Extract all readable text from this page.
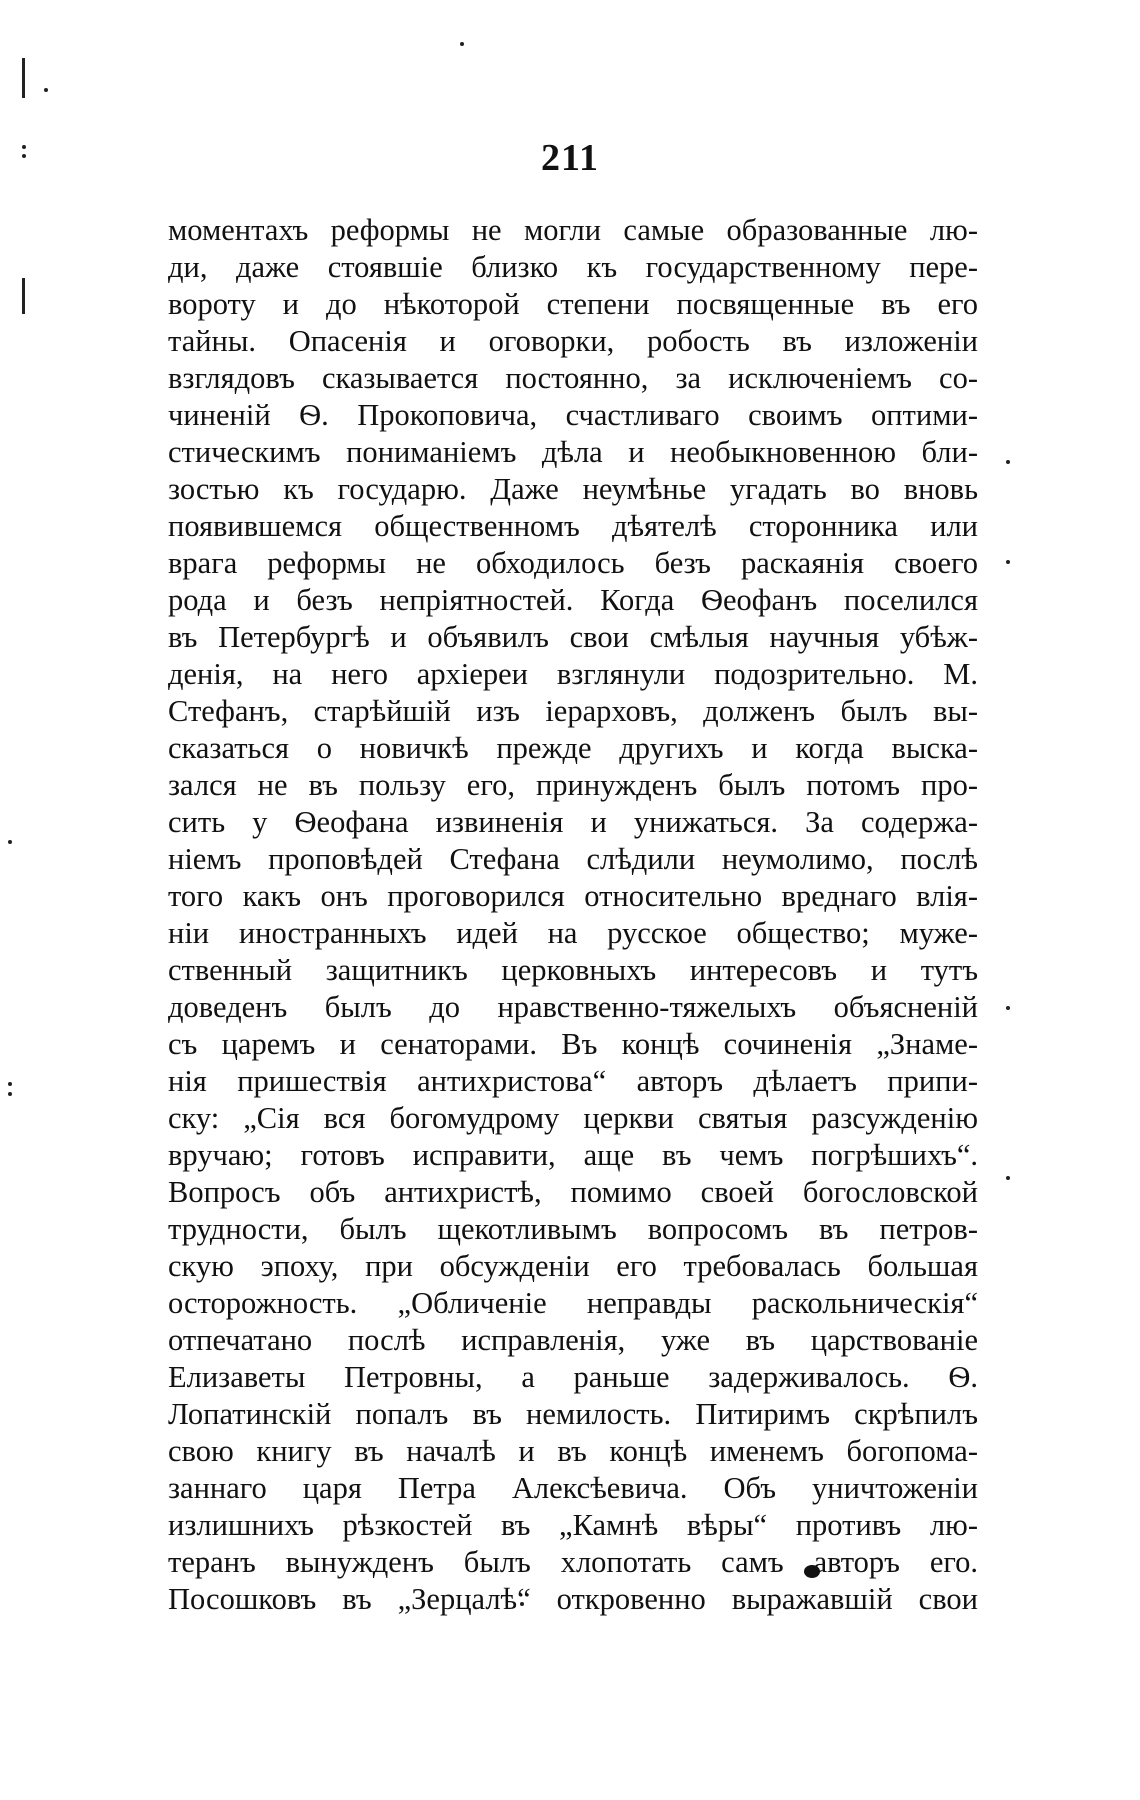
211
моментахъ реформы не могли самые образованные лю-
ди, даже стоявшіе близко къ государственному пере-
вороту и до нѣкоторой степени посвященные въ его
тайны. Опасенія и оговорки, робость въ изложеніи
взглядовъ сказывается постоянно, за исключеніемъ со-
чиненій Ѳ. Прокоповича, счастливаго своимъ оптими-
стическимъ пониманіемъ дѣла и необыкновенною бли-
зостью къ государю. Даже неумѣнье угадать во вновь
появившемся общественномъ дѣятелѣ сторонника или
врага реформы не обходилось безъ раскаянія своего
рода и безъ непріятностей. Когда Ѳеофанъ поселился
въ Петербургѣ и объявилъ свои смѣлыя научныя убѣж-
денія, на него архіереи взглянули подозрительно. М.
Стефанъ, старѣйшій изъ іерарховъ, долженъ былъ вы-
сказаться о новичкѣ прежде другихъ и когда выска-
зался не въ пользу его, принужденъ былъ потомъ про-
сить у Ѳеофана извиненія и унижаться. За содержа-
ніемъ проповѣдей Стефана слѣдили неумолимо, послѣ
того какъ онъ проговорился относительно вреднаго влія-
ніи иностранныхъ идей на русское общество; муже-
ственный защитникъ церковныхъ интересовъ и тутъ
доведенъ былъ до нравственно-тяжелыхъ объясненій
съ царемъ и сенаторами. Въ концѣ сочиненія „Знаме-
нія пришествія антихристова“ авторъ дѣлаетъ припи-
ску: „Сія вся богомудрому церкви святыя разсужденію
вручаю; готовъ исправити, аще въ чемъ погрѣшихъ“.
Вопросъ объ антихристѣ, помимо своей богословской
трудности, былъ щекотливымъ вопросомъ въ петров-
скую эпоху, при обсужденіи его требовалась большая
осторожность. „Обличеніе неправды раскольническія“
отпечатано послѣ исправленія, уже въ царствованіе
Елизаветы Петровны, а раньше задерживалось. Ѳ.
Лопатинскій попалъ въ немилость. Питиримъ скрѣпилъ
свою книгу въ началѣ и въ концѣ именемъ богопома-
заннаго царя Петра Алексѣевича. Объ уничтоженіи
излишнихъ рѣзкостей въ „Камнѣ вѣры“ противъ лю-
теранъ вынужденъ былъ хлопотать самъ авторъ его.
Посошковъ въ „Зерцалѣ“ откровенно выражавшій свои
